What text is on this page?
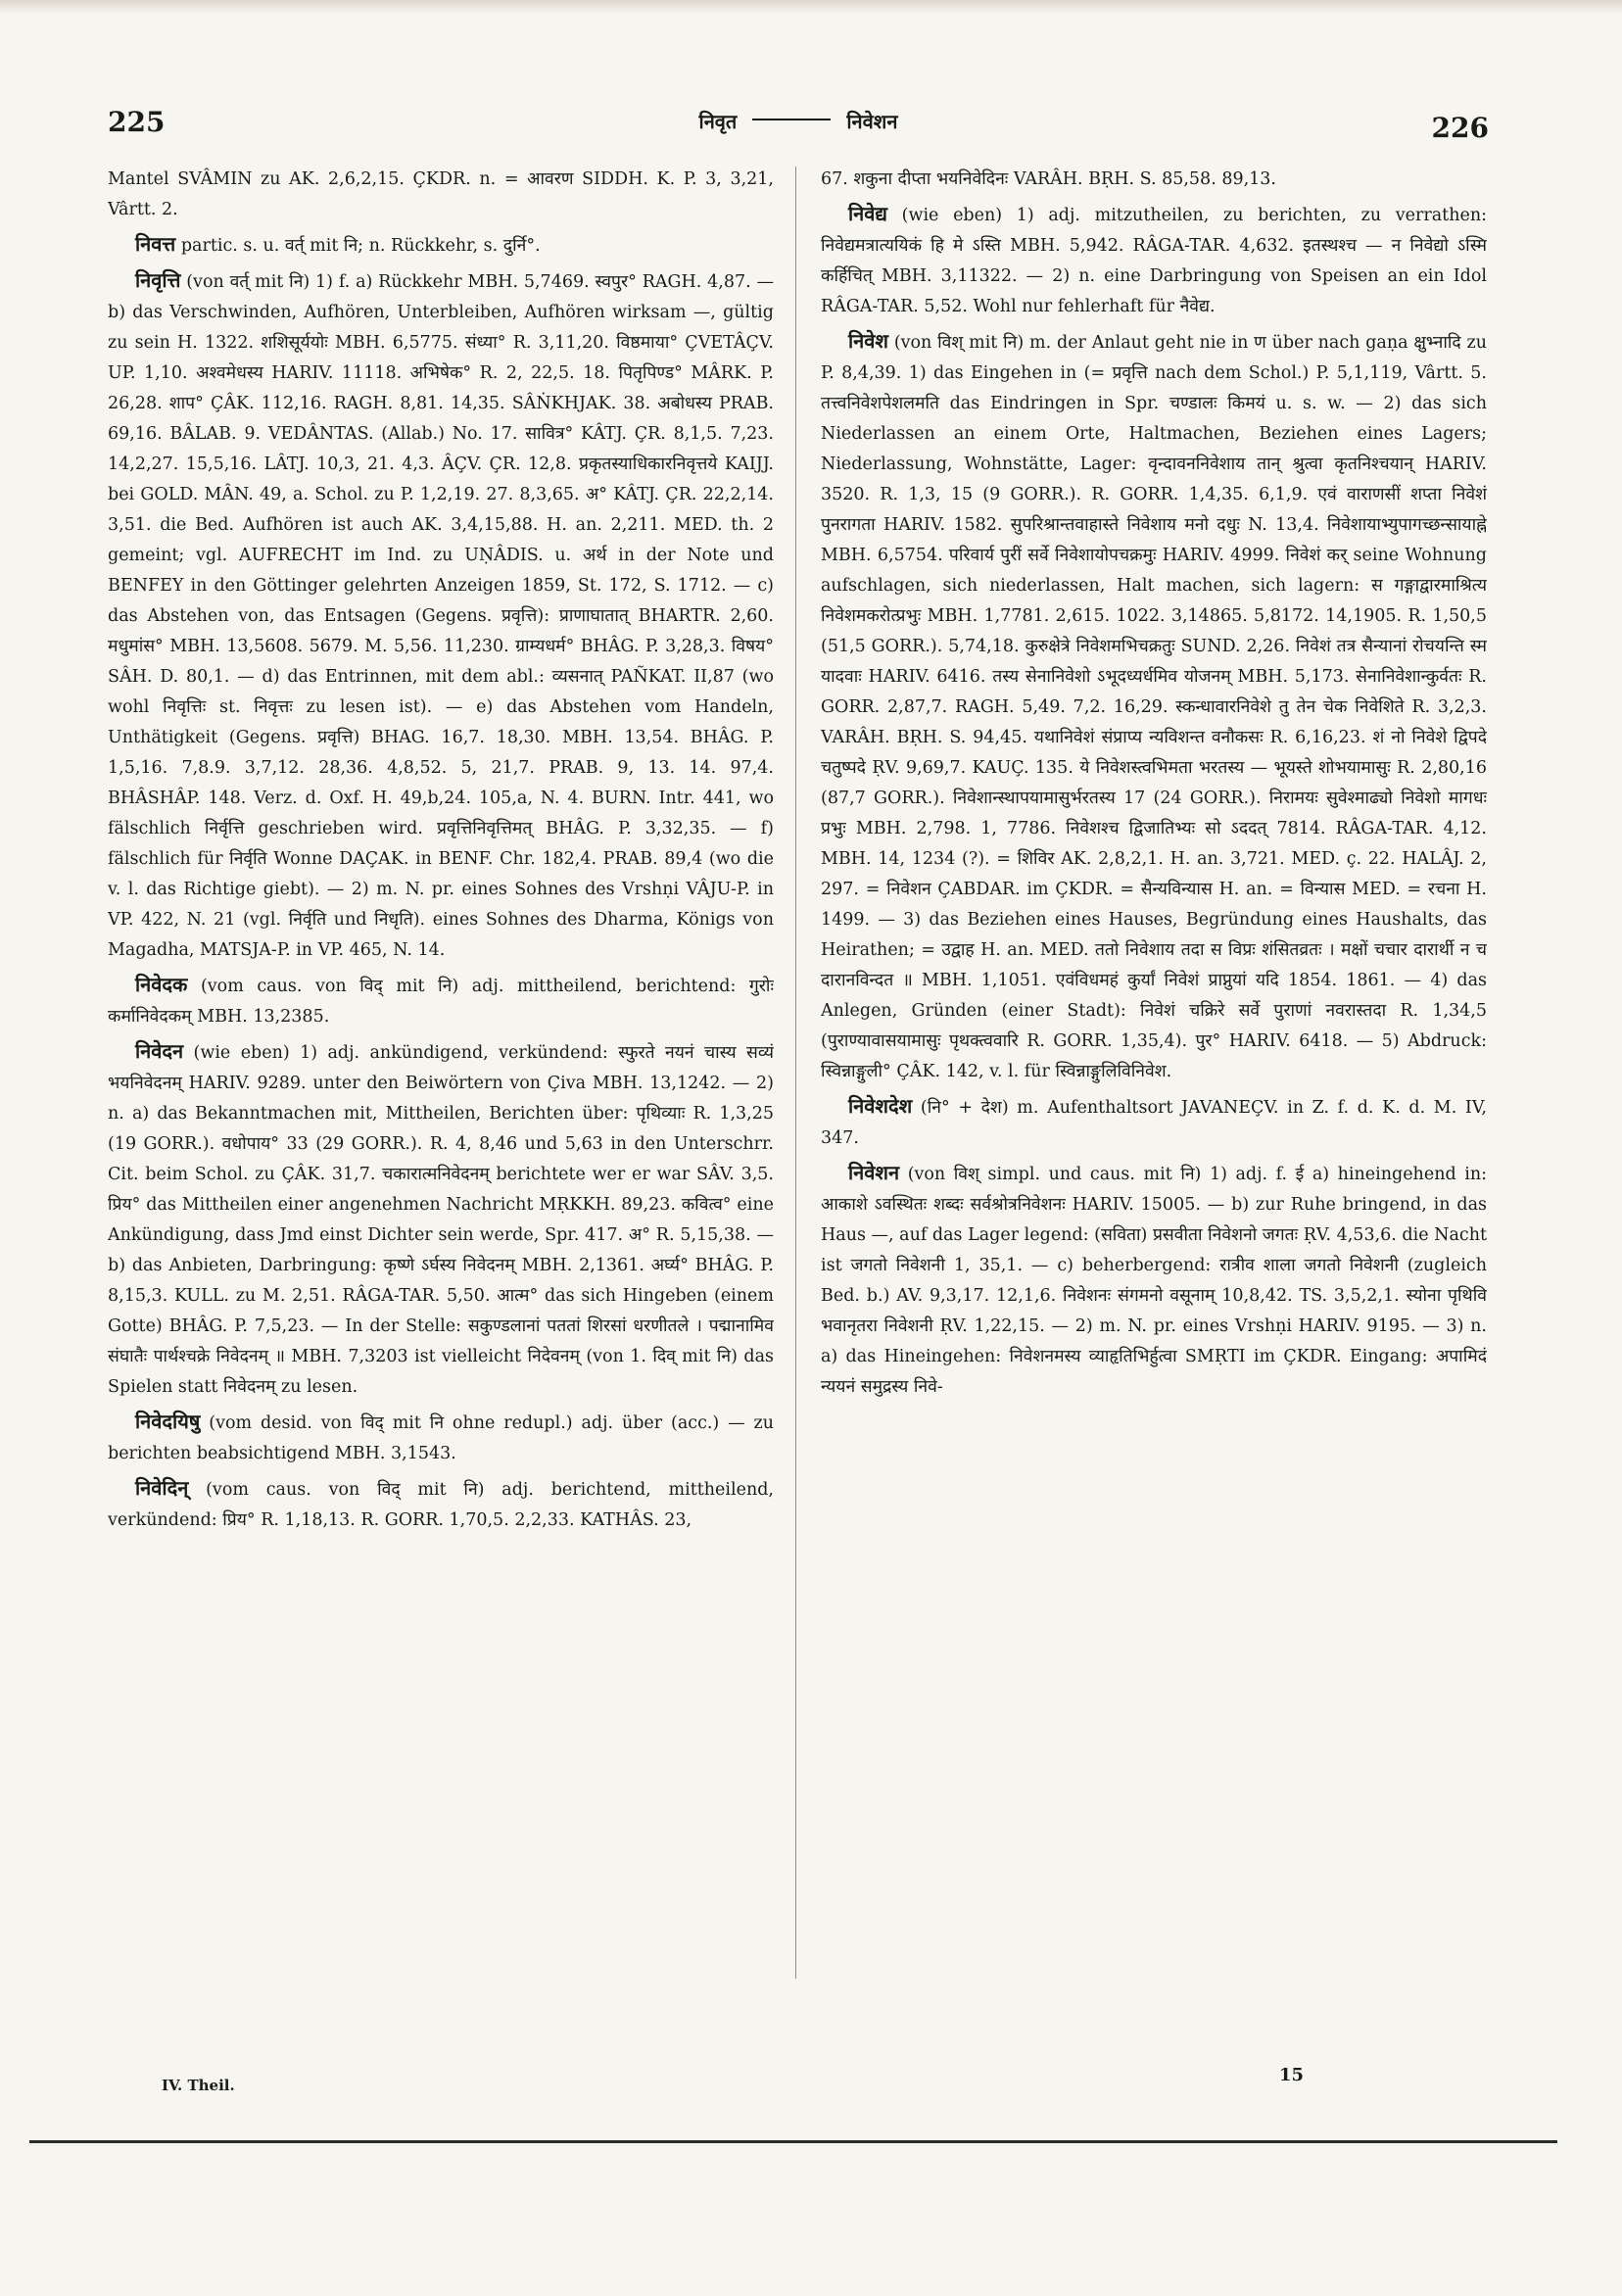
225	निवृत	निवेशन	226

Mantel SVÂMIN zu AK. 2,6,2,15. ÇKDR. n. = आवरण SIDDH. K. P. 3, 3,21, Vârtt. 2.

निवत्त partic. s. u. वर्त् mit नि; n. Rückkehr, s. दुर्नि°.

निवृत्ति (von वर्त् mit नि) 1) f. a) Rückkehr MBH. 5,7469. स्वपुर° RAGH. 4,87. — b) das Verschwinden, Aufhören, Unterbleiben, Aufhören wirksam —, gültig zu sein H. 1322. शशिसूर्ययोः MBH. 6,5775. संध्या° R. 3,11,20. विष्ठमाया° ÇVETÂÇV. UP. 1,10. अश्वमेधस्य HARIV. 11118. अभिषेक° R. 2, 22,5. 18. पितृपिण्ड° MÂRK. P. 26,28. शाप° ÇÂK. 112,16. RAGH. 8,81. 14,35. SÂṄKHJAK. 38. अबोधस्य PRAB. 69,16. BÂLAB. 9. VEDÂNTAS. (Allab.) No. 17. सावित्र° KÂTJ. ÇR. 8,1,5. 7,23. 14,2,27. 15,5,16. LÂTJ. 10,3, 21. 4,3. ÂÇV. ÇR. 12,8. प्रकृतस्याधिकारनिवृत्तये KAIJJ. bei GOLD. MÂN. 49, a. Schol. zu P. 1,2,19. 27. 8,3,65. अ° KÂTJ. ÇR. 22,2,14. 3,51. die Bed. Aufhören ist auch AK. 3,4,15,88. H. an. 2,211. MED. th. 2 gemeint; vgl. AUFRECHT im Ind. zu UṆÂDIS. u. अर्थ in der Note und BENFEY in den Göttinger gelehrten Anzeigen 1859, St. 172, S. 1712. — c) das Abstehen von, das Entsagen (Gegens. प्रवृत्ति): प्राणाघातात् BHARTR. 2,60. मधुमांस° MBH. 13,5608. 5679. M. 5,56. 11,230. ग्राम्यधर्म° BHÂG. P. 3,28,3. विषय° SÂH. D. 80,1. — d) das Entrinnen, mit dem abl.: व्यसनात् PAÑKAT. II,87 (wo wohl निवृत्तिः st. निवृत्तः zu lesen ist). — e) das Abstehen vom Handeln, Unthätigkeit (Gegens. प्रवृत्ति) BHAG. 16,7. 18,30. MBH. 13,54. BHÂG. P. 1,5,16. 7,8.9. 3,7,12. 28,36. 4,8,52. 5, 21,7. PRAB. 9, 13. 14. 97,4. BHÂSHÂP. 148. Verz. d. Oxf. H. 49,b,24. 105,a, N. 4. BURN. Intr. 441, wo fälschlich निर्वृत्ति geschrieben wird. प्रवृत्तिनिवृत्तिमत् BHÂG. P. 3,32,35. — f) fälschlich für निर्वृति Wonne DAÇAK. in BENF. Chr. 182,4. PRAB. 89,4 (wo die v. l. das Richtige giebt). — 2) m. N. pr. eines Sohnes des Vrshṇi VÂJU-P. in VP. 422, N. 21 (vgl. निर्वृति und निधृति). eines Sohnes des Dharma, Königs von Magadha, MATSJA-P. in VP. 465, N. 14.

निवेदक (vom caus. von विद् mit नि) adj. mittheilend, berichtend: गुरोः कर्मानिवेदकम् MBH. 13,2385.

निवेदन (wie eben) 1) adj. ankündigend, verkündend: स्फुरते नयनं चास्य सव्यं भयनिवेदनम् HARIV. 9289. unter den Beiwörtern von Çiva MBH. 13,1242. — 2) n. a) das Bekanntmachen mit, Mittheilen, Berichten über: पृथिव्याः R. 1,3,25 (19 GORR.). वधोपाय° 33 (29 GORR.). R. 4, 8,46 und 5,63 in den Unterschrr. Cit. beim Schol. zu ÇÂK. 31,7. चकारात्मनिवेदनम् berichtete wer er war SÂV. 3,5. प्रिय° das Mittheilen einer angenehmen Nachricht MṚKKH. 89,23. कवित्व° eine Ankündigung, dass Jmd einst Dichter sein werde, Spr. 417. अ° R. 5,15,38. — b) das Anbieten, Darbringung: कृष्णे ऽर्घस्य निवेदनम् MBH. 2,1361. अर्घ्य° BHÂG. P. 8,15,3. KULL. zu M. 2,51. RÂGA-TAR. 5,50. आत्म° das sich Hingeben (einem Gotte) BHÂG. P. 7,5,23. — In der Stelle: सकुण्डलानां पततां शिरसां धरणीतले । पद्मानामिव संघातैः पार्थश्चक्रे निवेदनम् ॥ MBH. 7,3203 ist vielleicht निदेवनम् (von 1. दिव् mit नि) das Spielen statt निवेदनम् zu lesen.

निवेदयिषु (vom desid. von विद् mit नि ohne redupl.) adj. über (acc.) — zu berichten beabsichtigend MBH. 3,1543.

निवेदिन् (vom caus. von विद् mit नि) adj. berichtend, mittheilend, verkündend: प्रिय° R. 1,18,13. R. GORR. 1,70,5. 2,2,33. KATHÂS. 23,

67. शकुना दीप्ता भयनिवेदिनः VARÂH. BṚH. S. 85,58. 89,13.

निवेद्य (wie eben) 1) adj. mitzutheilen, zu berichten, zu verrathen: निवेद्यमत्रात्ययिकं हि मे ऽस्ति MBH. 5,942. RÂGA-TAR. 4,632. इतस्थश्च — न निवेद्यो ऽस्मि कर्हिचित् MBH. 3,11322. — 2) n. eine Darbringung von Speisen an ein Idol RÂGA-TAR. 5,52. Wohl nur fehlerhaft für नैवेद्य.

निवेश (von विश् mit नि) m. der Anlaut geht nie in ण über nach gaṇa क्षुभ्नादि zu P. 8,4,39. 1) das Eingehen in (= प्रवृत्ति nach dem Schol.) P. 5,1,119, Vârtt. 5. तत्त्वनिवेशपेशलमति das Eindringen in Spr. चण्डालः किमयं u. s. w. — 2) das sich Niederlassen an einem Orte, Haltmachen, Beziehen eines Lagers; Niederlassung, Wohnstätte, Lager: वृन्दावननिवेशाय तान् श्रुत्वा कृतनिश्चयान् HARIV. 3520. R. 1,3, 15 (9 GORR.). R. GORR. 1,4,35. 6,1,9. एवं वाराणसीं शप्ता निवेशं पुनरागता HARIV. 1582. सुपरिश्रान्तवाहास्ते निवेशाय मनो दधुः N. 13,4. निवेशायाभ्युपागच्छन्सायाह्ने MBH. 6,5754. परिवार्य पुरीं सर्वे निवेशायोपचक्रमुः HARIV. 4999. निवेशं कर् seine Wohnung aufschlagen, sich niederlassen, Halt machen, sich lagern: स गङ्गाद्वारमाश्रित्य निवेशमकरोत्प्रभुः MBH. 1,7781. 2,615. 1022. 3,14865. 5,8172. 14,1905. R. 1,50,5 (51,5 GORR.). 5,74,18. कुरुक्षेत्रे निवेशमभिचक्रतुः SUND. 2,26. निवेशं तत्र सैन्यानां रोचयन्ति स्म यादवाः HARIV. 6416. तस्य सेनानिवेशो ऽभूदध्यर्धमिव योजनम् MBH. 5,173. सेनानिवेशान्कुर्वतः R. GORR. 2,87,7. RAGH. 5,49. 7,2. 16,29. स्कन्धावारनिवेशे तु तेन चेक निवेशिते R. 3,2,3. VARÂH. BṚH. S. 94,45. यथानिवेशं संप्राप्य न्यविशन्त वनौकसः R. 6,16,23. शं नो निवेशे द्विपदे चतुष्पदे ṚV. 9,69,7. KAUÇ. 135. ये निवेशस्त्वभिमता भरतस्य — भूयस्ते शोभयामासुः R. 2,80,16 (87,7 GORR.). निवेशान्स्थापयामासुर्भरतस्य 17 (24 GORR.). निरामयः सुवेश्माढ्यो निवेशो मागधः प्रभुः MBH. 2,798. 1, 7786. निवेशश्च द्विजातिभ्यः सो ऽददत् 7814. RÂGA-TAR. 4,12. MBH. 14, 1234 (?). = शिविर AK. 2,8,2,1. H. an. 3,721. MED. ç. 22. HALÂJ. 2, 297. = निवेशन ÇABDAR. im ÇKDR. = सैन्यविन्यास H. an. = विन्यास MED. = रचना H. 1499. — 3) das Beziehen eines Hauses, Begründung eines Haushalts, das Heirathen; = उद्वाह H. an. MED. ततो निवेशाय तदा स विप्रः शंसितव्रतः । मक्षों चचार दारार्थी न च दारानविन्दत ॥ MBH. 1,1051. एवंविधमहं कुर्यां निवेशं प्राप्नुयां यदि 1854. 1861. — 4) das Anlegen, Gründen (einer Stadt): निवेशं चक्रिरे सर्वे पुराणां नवरास्तदा R. 1,34,5 (पुराण्यावासयामासुः पृथक्त्ववारि R. GORR. 1,35,4). पुर° HARIV. 6418. — 5) Abdruck: स्विन्नाङ्गुली° ÇÂK. 142, v. l. für स्विन्नाङ्गुलिविनिवेश.

निवेशदेश (नि° + देश) m. Aufenthaltsort JAVANEÇV. in Z. f. d. K. d. M. IV, 347.

निवेशन (von विश् simpl. und caus. mit नि) 1) adj. f. ई a) hineingehend in: आकाशे ऽवस्थितः शब्दः सर्वश्रोत्रनिवेशनः HARIV. 15005. — b) zur Ruhe bringend, in das Haus —, auf das Lager legend: (सविता) प्रसवीता निवेशनो जगतः ṚV. 4,53,6. die Nacht ist जगतो निवेशनी 1, 35,1. — c) beherbergend: रात्रीव शाला जगतो निवेशनी (zugleich Bed. b.) AV. 9,3,17. 12,1,6. निवेशनः संगमनो वसूनाम् 10,8,42. TS. 3,5,2,1. स्योना पृथिवि भवानृतरा निवेशनी ṚV. 1,22,15. — 2) m. N. pr. eines Vrshṇi HARIV. 9195. — 3) n. a) das Hineingehen: निवेशनमस्य व्याहृतिभिर्हुत्वा SMṚTI im ÇKDR. Eingang: अपामिदं न्ययनं समुद्रस्य निवे-

IV. Theil.	15
